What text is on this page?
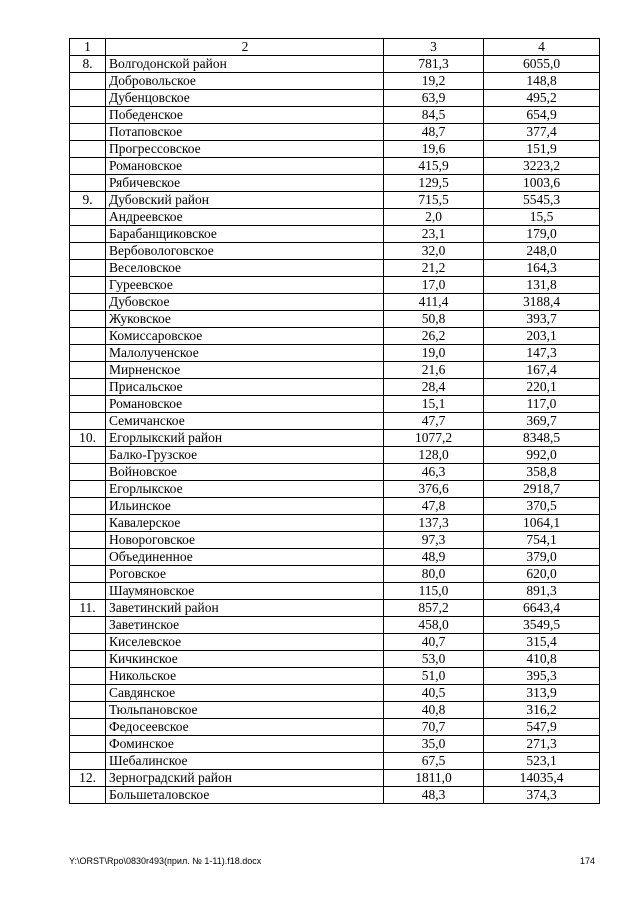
1	2	3	4
8.	Волгодонской район	781,3	6055,0
	Добровольское	19,2	148,8
	Дубенцовское	63,9	495,2
	Победенское	84,5	654,9
	Потаповское	48,7	377,4
	Прогрессовское	19,6	151,9
	Романовское	415,9	3223,2
	Рябичевское	129,5	1003,6
9.	Дубовский район	715,5	5545,3
	Андреевское	2,0	15,5
	Барабанщиковское	23,1	179,0
	Вербовологовское	32,0	248,0
	Веселовское	21,2	164,3
	Гуреевское	17,0	131,8
	Дубовское	411,4	3188,4
	Жуковское	50,8	393,7
	Комиссаровское	26,2	203,1
	Малолученское	19,0	147,3
	Мирненское	21,6	167,4
	Присальское	28,4	220,1
	Романовское	15,1	117,0
	Семичанское	47,7	369,7
10.	Егорлыкский район	1077,2	8348,5
	Балко-Грузское	128,0	992,0
	Войновское	46,3	358,8
	Егорлыкское	376,6	2918,7
	Ильинское	47,8	370,5
	Кавалерское	137,3	1064,1
	Новороговское	97,3	754,1
	Объединенное	48,9	379,0
	Роговское	80,0	620,0
	Шаумяновское	115,0	891,3
11.	Заветинский район	857,2	6643,4
	Заветинское	458,0	3549,5
	Киселевское	40,7	315,4
	Кичкинское	53,0	410,8
	Никольское	51,0	395,3
	Савдянское	40,5	313,9
	Тюльпановское	40,8	316,2
	Федосеевское	70,7	547,9
	Фоминское	35,0	271,3
	Шебалинское	67,5	523,1
12.	Зерноградский район	1811,0	14035,4
	Большеталовское	48,3	374,3
Y:\ORST\Rpo\0830r493(прил. № 1-11).f18.docx	174
